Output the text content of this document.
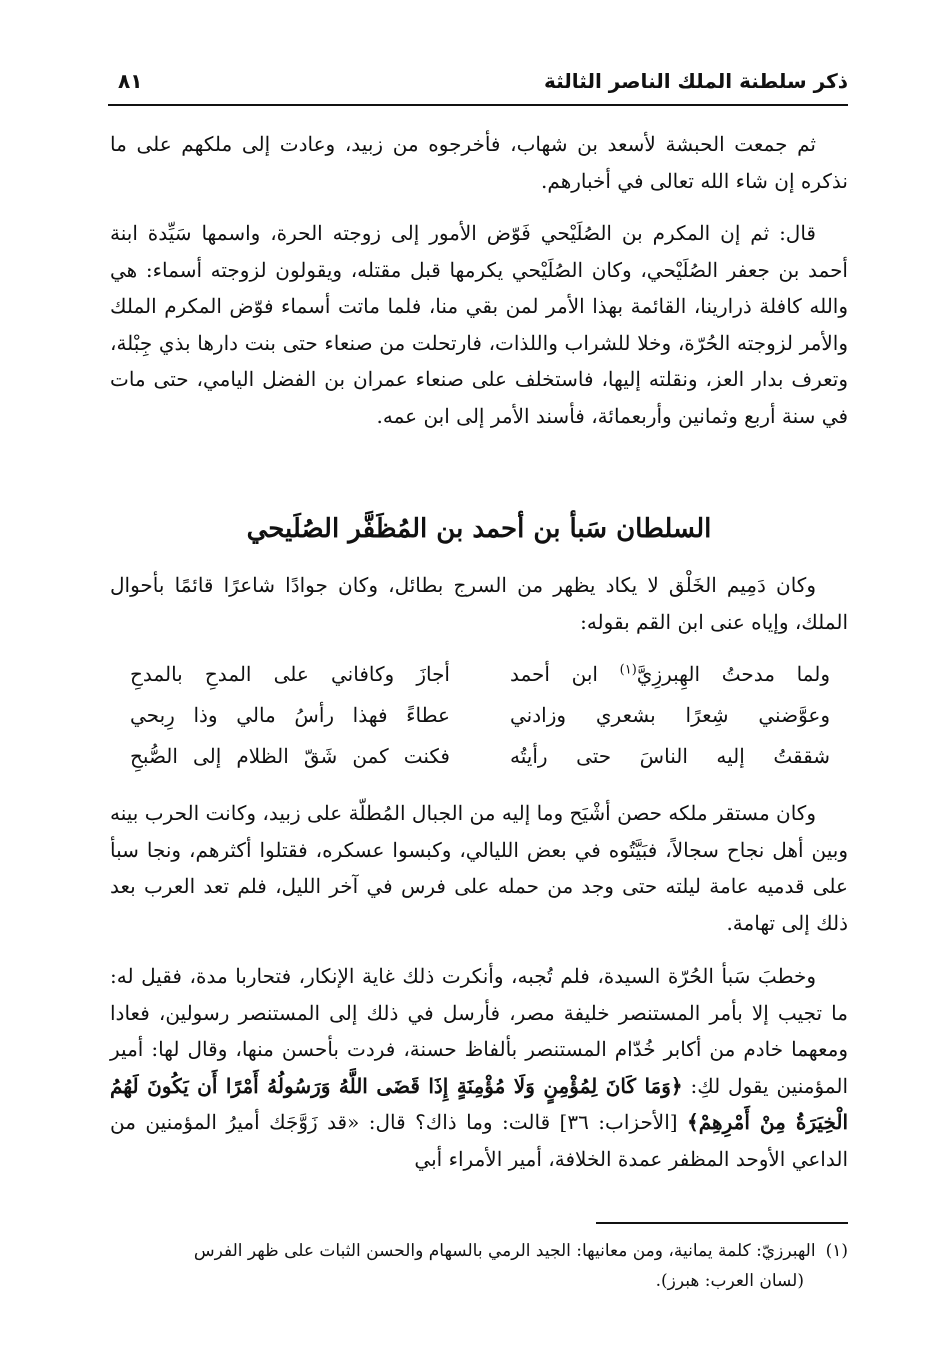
ذكر سلطنة الملك الناصر الثالثة
٨١

ثم جمعت الحبشة لأسعد بن شهاب، فأخرجوه من زبيد، وعادت إلى ملكهم على ما نذكره إن شاء الله تعالى في أخبارهم.

قال: ثم إن المكرم بن الصُلَيْحي فَوّض الأمور إلى زوجته الحرة، واسمها سَيِّدة ابنة أحمد بن جعفر الصُلَيْحي، وكان الصُلَيْحي يكرمها قبل مقتله، ويقولون لزوجته أسماء: هي والله كافلة ذرارينا، القائمة بهذا الأمر لمن بقي منا، فلما ماتت أسماء فوّض المكرم الملك والأمر لزوجته الحُرّة، وخلا للشراب واللذات، فارتحلت من صنعاء حتى بنت دارها بذي جِبْلة، وتعرف بدار العز، ونقلته إليها، فاستخلف على صنعاء عمران بن الفضل اليامي، حتى مات في سنة أربع وثمانين وأربعمائة، فأسند الأمر إلى ابن عمه.

السلطان سَبأ بن أحمد بن المُظَفَّر الصُلَيحي

وكان دَمِيم الخَلْق لا يكاد يظهر من السرج بطائل، وكان جوادًا شاعرًا قائمًا بأحوال الملك، وإياه عنى ابن القم بقوله:

ولما مدحتُ الهِبرزِيَّ$^{(١)}$ ابن أحمد
أجازَ وكافاني على المدحِ بالمدحِ
وعوَّضني شِعرًا بشعري وزادني
عطاءً فهذا رأسُ مالي وذا رِبحي
شققتُ إليه الناسَ حتى رأيتُه
فكنت كمن شَقّ الظلام إلى الصُّبحِ

وكان مستقر ملكه حصن أشْيَح وما إليه من الجبال المُطلّة على زبيد، وكانت الحرب بينه وبين أهل نجاح سجالاً، فبَيَّتُوه في بعض الليالي، وكبسوا عسكره، فقتلوا أكثرهم، ونجا سبأ على قدميه عامة ليلته حتى وجد من حمله على فرس في آخر الليل، فلم تعد العرب بعد ذلك إلى تهامة.

وخطبَ سَبأ الحُرّة السيدة، فلم تُجبه، وأنكرت ذلك غاية الإنكار، فتحاربا مدة، فقيل له: ما تجيب إلا بأمر المستنصر خليفة مصر، فأرسل في ذلك إلى المستنصر رسولين، فعادا ومعهما خادم من أكابر خُدّام المستنصر بألفاظ حسنة، فردت بأحسن منها، وقال لها: أمير المؤمنين يقول لكِ: ﴿وَمَا كَانَ لِمُؤْمِنٍ وَلَا مُؤْمِنَةٍ إِذَا قَضَى اللَّهُ وَرَسُولُهُ أَمْرًا أَن يَكُونَ لَهُمُ الْخِيَرَةُ مِنْ أَمْرِهِمْ﴾ [الأحزاب: ٣٦] قالت: وما ذاك؟ قال: «قد زَوَّجَك أميرُ المؤمنين من الداعي الأوحد المظفر عمدة الخلافة، أمير الأمراء أبي

(١)الهبرزيّ: كلمة يمانية، ومن معانيها: الجيد الرمي بالسهام والحسن الثبات على ظهر الفرس
(لسان العرب: هبرز).
